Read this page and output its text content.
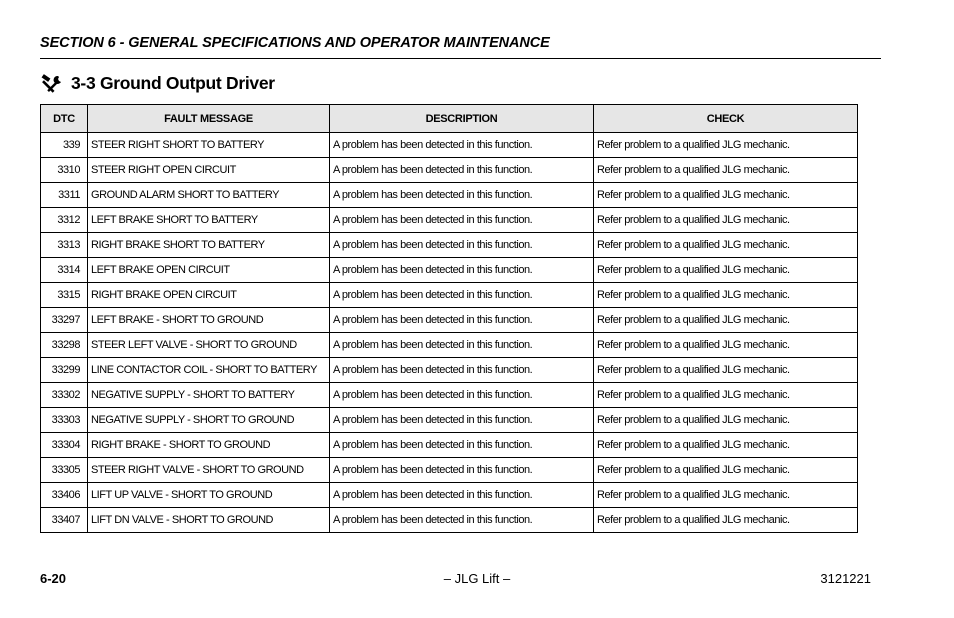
SECTION 6 - GENERAL SPECIFICATIONS AND OPERATOR MAINTENANCE
3-3 Ground Output Driver
DTC	FAULT MESSAGE	DESCRIPTION	CHECK
339	STEER RIGHT SHORT TO BATTERY	A problem has been detected in this function.	Refer problem to a qualified JLG mechanic.
3310	STEER RIGHT OPEN CIRCUIT	A problem has been detected in this function.	Refer problem to a qualified JLG mechanic.
3311	GROUND ALARM SHORT TO BATTERY	A problem has been detected in this function.	Refer problem to a qualified JLG mechanic.
3312	LEFT BRAKE SHORT TO BATTERY	A problem has been detected in this function.	Refer problem to a qualified JLG mechanic.
3313	RIGHT BRAKE SHORT TO BATTERY	A problem has been detected in this function.	Refer problem to a qualified JLG mechanic.
3314	LEFT BRAKE OPEN CIRCUIT	A problem has been detected in this function.	Refer problem to a qualified JLG mechanic.
3315	RIGHT BRAKE OPEN CIRCUIT	A problem has been detected in this function.	Refer problem to a qualified JLG mechanic.
33297	LEFT BRAKE - SHORT TO GROUND	A problem has been detected in this function.	Refer problem to a qualified JLG mechanic.
33298	STEER LEFT VALVE - SHORT TO GROUND	A problem has been detected in this function.	Refer problem to a qualified JLG mechanic.
33299	LINE CONTACTOR COIL - SHORT TO BATTERY	A problem has been detected in this function.	Refer problem to a qualified JLG mechanic.
33302	NEGATIVE SUPPLY - SHORT TO BATTERY	A problem has been detected in this function.	Refer problem to a qualified JLG mechanic.
33303	NEGATIVE SUPPLY - SHORT TO GROUND	A problem has been detected in this function.	Refer problem to a qualified JLG mechanic.
33304	RIGHT BRAKE - SHORT TO GROUND	A problem has been detected in this function.	Refer problem to a qualified JLG mechanic.
33305	STEER RIGHT VALVE - SHORT TO GROUND	A problem has been detected in this function.	Refer problem to a qualified JLG mechanic.
33406	LIFT UP VALVE - SHORT TO GROUND	A problem has been detected in this function.	Refer problem to a qualified JLG mechanic.
33407	LIFT DN VALVE - SHORT TO GROUND	A problem has been detected in this function.	Refer problem to a qualified JLG mechanic.
6-20	– JLG Lift –	3121221
